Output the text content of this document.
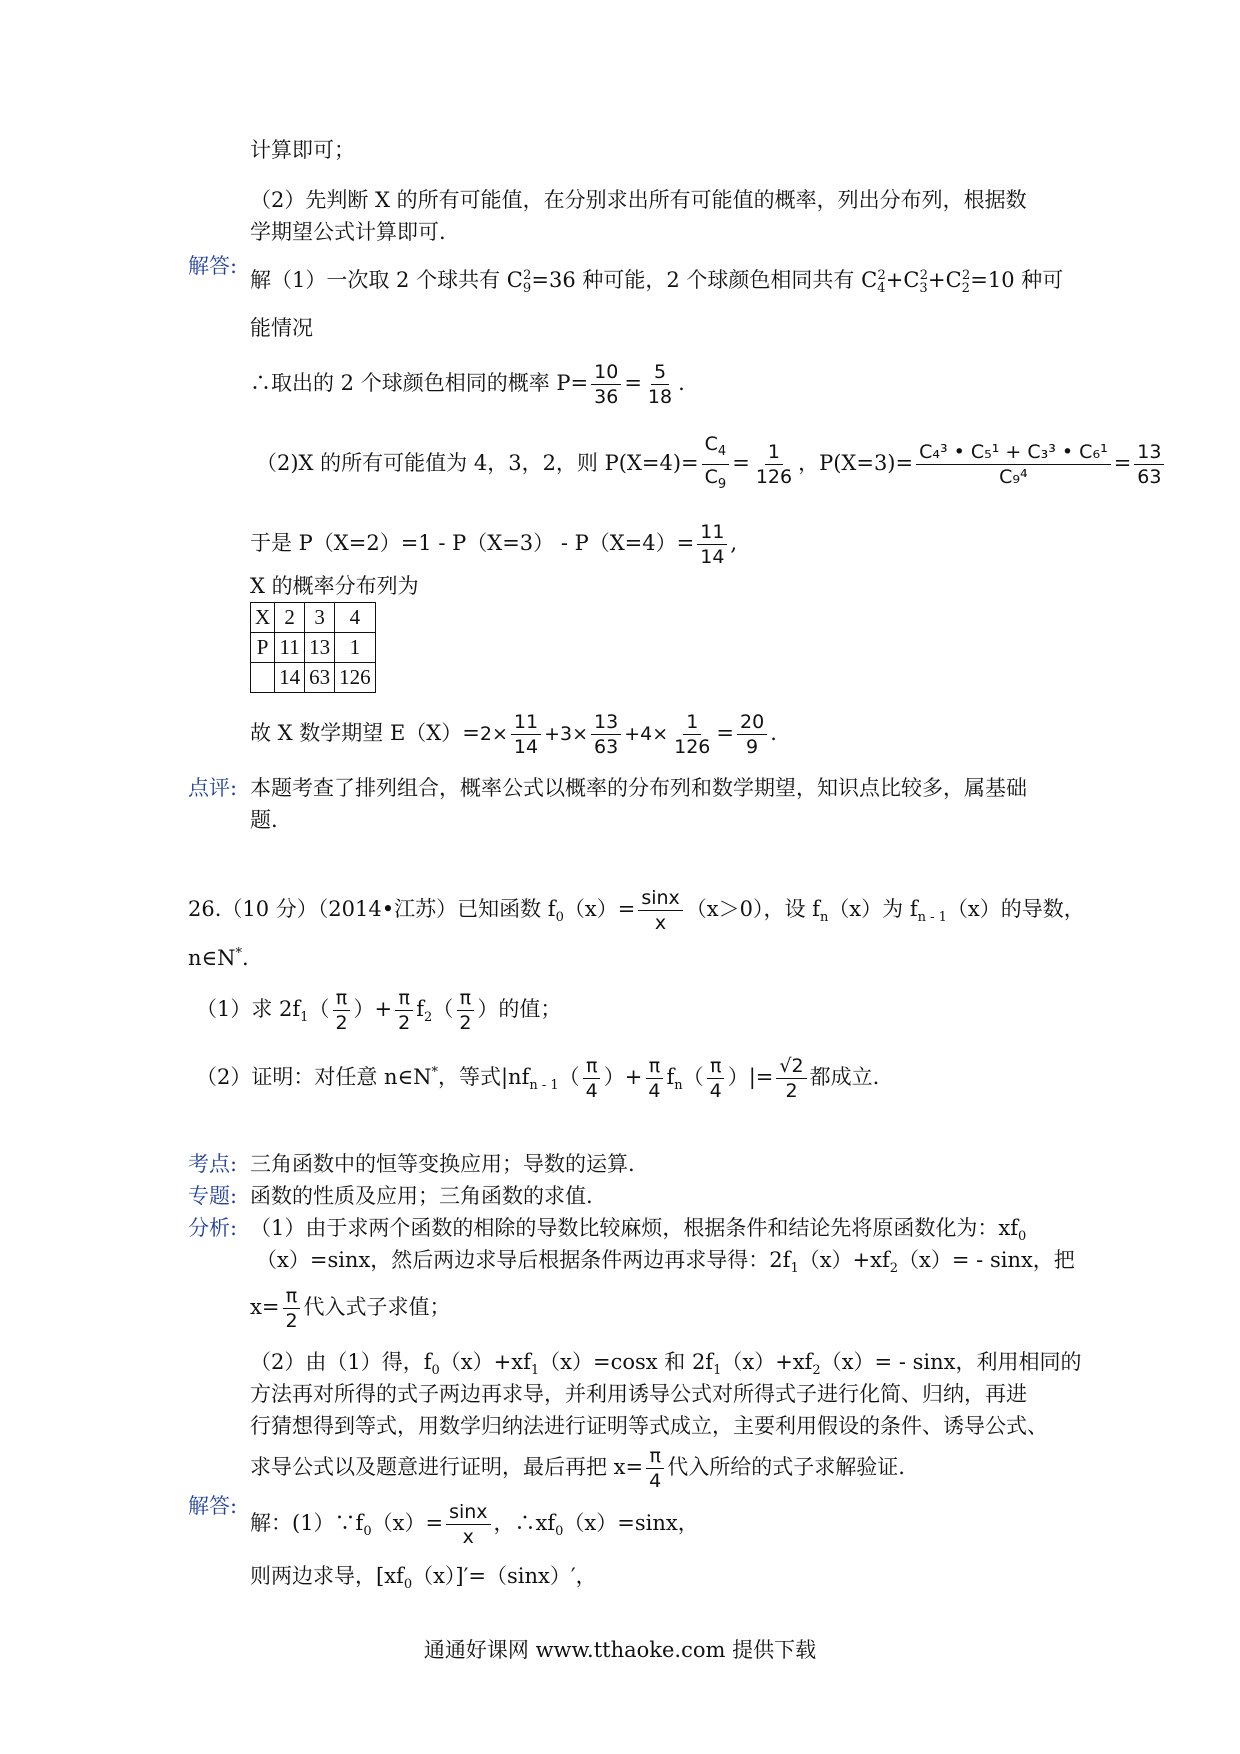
计算即可；
（2）先判断 X 的所有可能值，在分别求出所有可能值的概率，列出分布列，根据数
学期望公式计算即可.
解答:
解（1）一次取 2 个球共有 $C_9^2=36$ 种可能，2 个球颜色相同共有 $C_4^2+C_3^2+C_2^2=10$ 种可
能情况
∴取出的 2 个球颜色相同的概率 $P= \frac{10}{36} = \frac{5}{18}$ .
（2)X 的所有可能值为 4，3，2，则 $P(X=4)= \frac{C_4}{C_9} = \frac{1}{126}$ ，$P(X=3)= \frac{\text{C₄³ • C₅¹ + C₃³ • C₆¹}}{\text{C₉⁴}} = \frac{13}{63}$
于是 $P(X=2)=1 - P(X=3) - P(X=4)= \frac{11}{14}$ ,
X 的概率分布列为
X	2	3	4
P	11	13	1
	14	63	126
故 X 数学期望 $E(X)=2\times \frac{11}{14} +3\times \frac{13}{63} +4\times \frac{1}{126} = \frac{20}{9}$ .
点评: 本题考查了排列组合，概率公式以概率的分布列和数学期望，知识点比较多，属基础
题.
26.（10 分）（2014•江苏）已知函数 $f_0(x)= \frac{\sin x}{x} (x>0)$，设 $f_n(x)$为 $f_{n - 1}(x)$的导数，
n∈N*.
（1）求 $2f_1( \frac{\pi}{2}$ ）+ $\frac{\pi}{2} f_2( \frac{\pi}{2}$ ）的值；
（2）证明：对任意 n∈N*，等式$|nf_{n - 1}( \frac{\pi}{4}$ ）+ $\frac{\pi}{4} f_n( \frac{\pi}{4}$ ）|= $\frac{√2}{2}$ 都成立.
考点: 三角函数中的恒等变换应用；导数的运算.
专题: 函数的性质及应用；三角函数的求值.
分析: （1）由于求两个函数的相除的导数比较麻烦，根据条件和结论先将原函数化为：$xf_0$
（x）=sinx，然后两边求导后根据条件两边再求导得：$2f_1(x)+xf_2(x)= - \sin x$，把
$x= \frac{\pi}{2}$ 代入式子求值；
（2）由（1）得，$f_0(x)+xf_1(x)=\cos x$ 和 $2f_1(x)+xf_2(x)= - \sin x$，利用相同的
方法再对所得的式子两边再求导，并利用诱导公式对所得式子进行化简、归纳，再进
行猜想得到等式，用数学归纳法进行证明等式成立，主要利用假设的条件、诱导公式、
求导公式以及题意进行证明，最后再把 $x= \frac{\pi}{4}$ 代入所给的式子求解验证.
解答:
解：$(1)\because f_0(x)= \frac{\sin x}{x}$ ，$\therefore xf_0(x)=\sin x$，
则两边求导，$[xf_0(x)]'=(\sin x)'$，
通通好课网 www.tthaoke.com 提供下载
